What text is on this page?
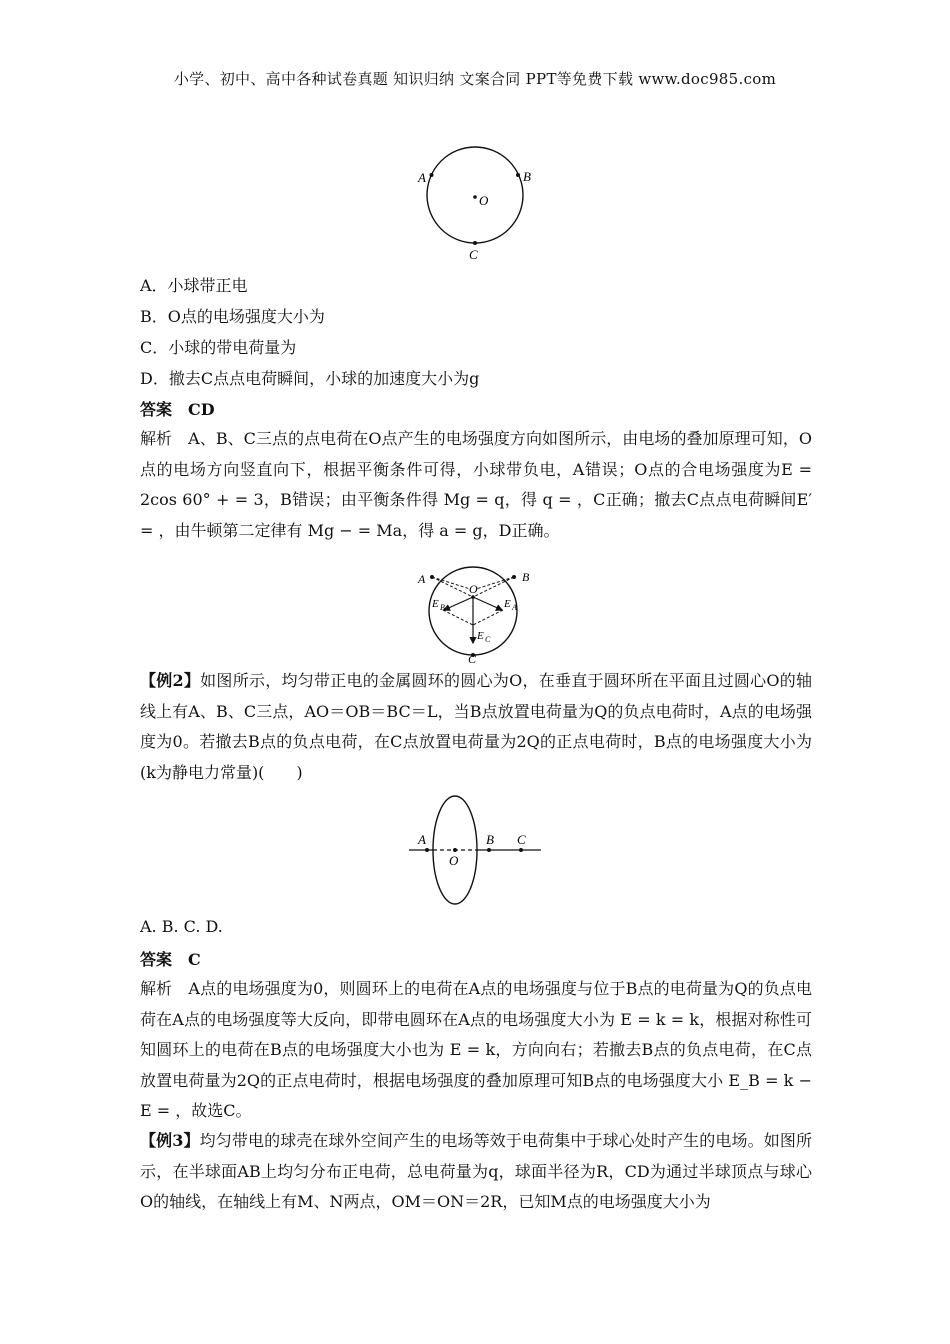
小学、初中、高中各种试卷真题 知识归纳 文案合同 PPT等免费下载 www.doc985.com
A	B
O
C
A．小球带正电
B．O点的电场强度大小为
C．小球的带电荷量为
D．撤去C点点电荷瞬间，小球的加速度大小为g
答案　CD
解析　A、B、C三点的点电荷在O点产生的电场强度方向如图所示，由电场的叠加原理可知，O点的电场方向竖直向下，根据平衡条件可得，小球带负电，A错误；O点的合电场强度为E = 2cos 60° + = 3，B错误；由平衡条件得 Mg = q，得 q = ，C正确；撤去C点点电荷瞬间E′ = ，由牛顿第二定律有 Mg − = Ma，得 a = g，D正确。
A	B
O
C
E B	E A
E C
【例2】如图所示，均匀带正电的金属圆环的圆心为O，在垂直于圆环所在平面且过圆心O的轴线上有A、B、C三点，AO＝OB＝BC＝L，当B点放置电荷量为Q的负点电荷时，A点的电场强度为0。若撤去B点的负点电荷，在C点放置电荷量为2Q的正点电荷时，B点的电场强度大小为(k为静电力常量)(　　)
A
O
B C
A. B. C. D.
答案　C
解析　A点的电场强度为0，则圆环上的电荷在A点的电场强度与位于B点的电荷量为Q的负点电荷在A点的电场强度等大反向，即带电圆环在A点的电场强度大小为 E = k = k，根据对称性可知圆环上的电荷在B点的电场强度大小也为 E = k，方向向右；若撤去B点的负点电荷，在C点放置电荷量为2Q的正点电荷时，根据电场强度的叠加原理可知B点的电场强度大小 E_B = k − E = ，故选C。
【例3】均匀带电的球壳在球外空间产生的电场等效于电荷集中于球心处时产生的电场。如图所示，在半球面AB上均匀分布正电荷，总电荷量为q，球面半径为R，CD为通过半球顶点与球心O的轴线，在轴线上有M、N两点，OM＝ON＝2R，已知M点的电场强度大小为
